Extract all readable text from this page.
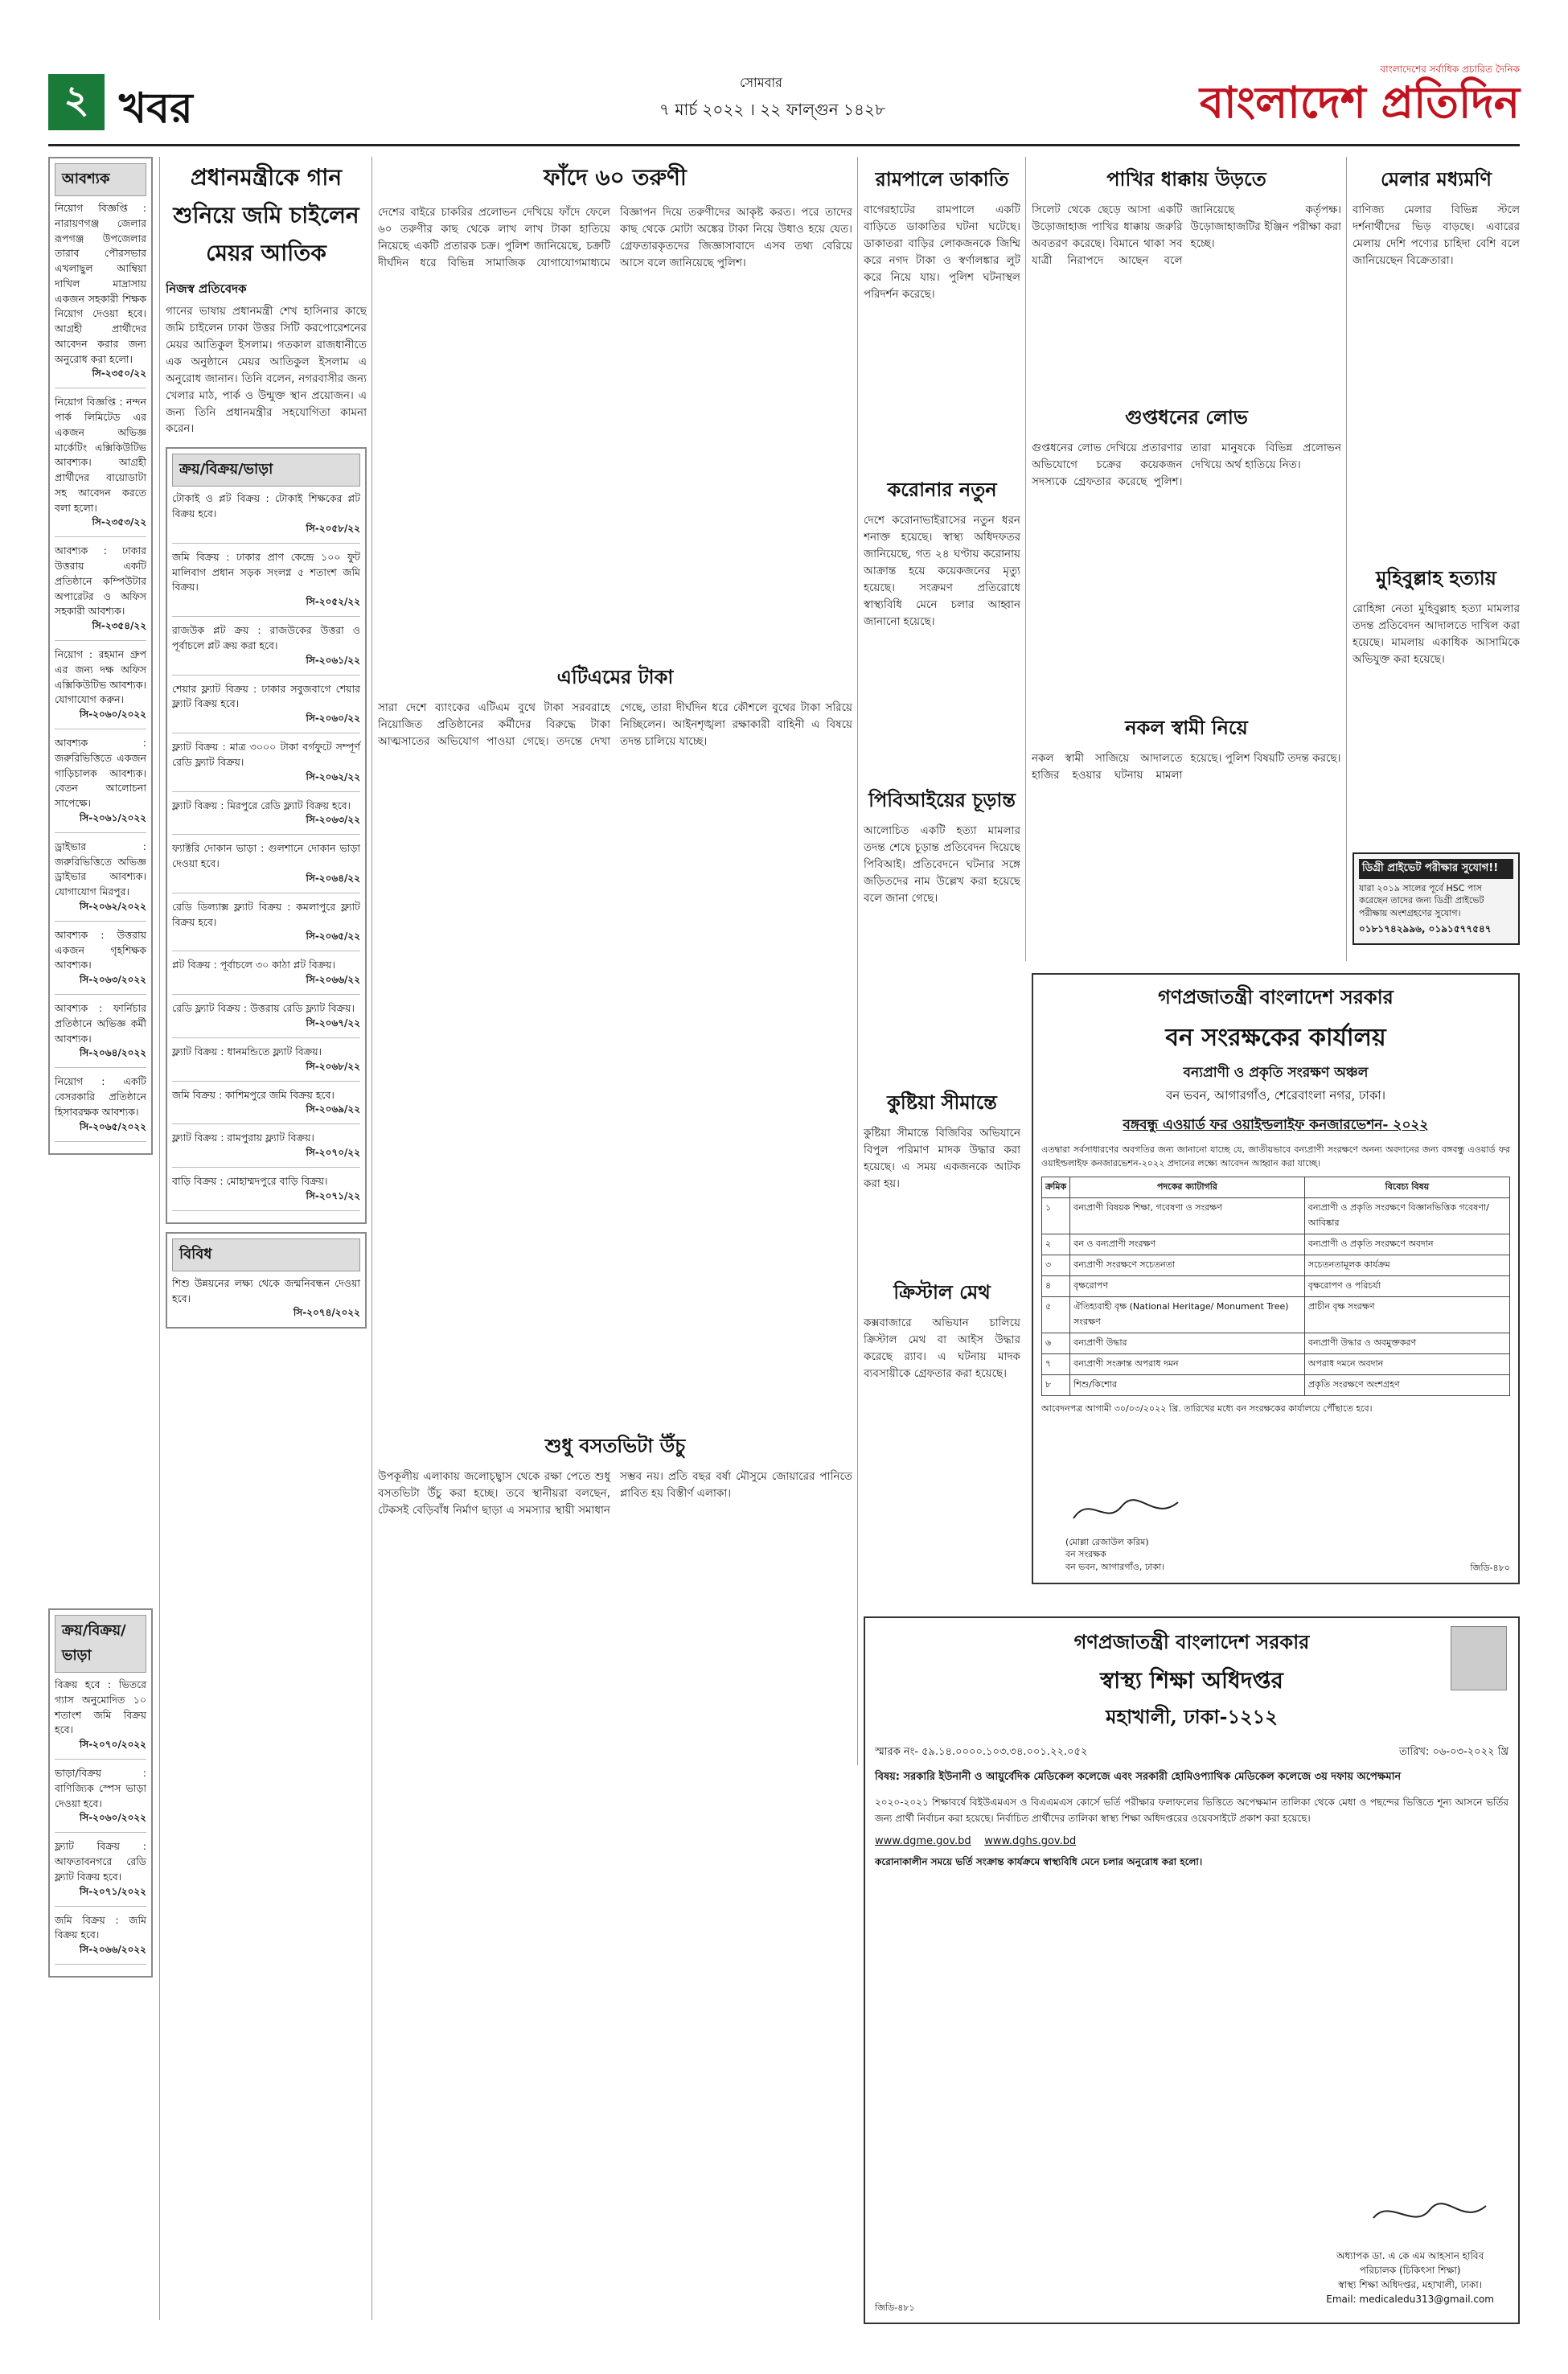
২ খবর
সোমবার
৭ মার্চ ২০২২ । ২২ ফাল্গুন ১৪২৮
বাংলাদেশের সর্বাধিক প্রচারিত দৈনিক
বাংলাদেশ প্রতিদিন
আবশ্যক
নিয়োগ বিজ্ঞপ্তি : নারায়ণগঞ্জ জেলার রূপগঞ্জ উপজেলার তারাব পৌরসভার এখলাছুল আম্বিয়া দাখিল মাদ্রাসায় একজন সহকারী শিক্ষক নিয়োগ দেওয়া হবে। আগ্রহী প্রার্থীদের আবেদন করার জন্য অনুরোধ করা হলো।
সি-২৩৫০/২২
নিয়োগ বিজ্ঞপ্তি : নন্দন পার্ক লিমিটেড এর একজন অভিজ্ঞ মার্কেটিং এক্সিকিউটিভ আবশ্যক। আগ্রহী প্রার্থীদের বায়োডাটা সহ আবেদন করতে বলা হলো।
সি-২৩৫৩/২২
আবশ্যক : ঢাকার উত্তরায় একটি প্রতিষ্ঠানে কম্পিউটার অপারেটর ও অফিস সহকারী আবশ্যক।
সি-২৩৫৪/২২
নিয়োগ : রহমান গ্রুপ এর জন্য দক্ষ অফিস এক্সিকিউটিভ আবশ্যক। যোগাযোগ করুন।
সি-২০৬০/২০২২
আবশ্যক : জরুরিভিত্তিতে একজন গাড়িচালক আবশ্যক। বেতন আলোচনা সাপেক্ষে।
সি-২০৬১/২০২২
ড্রাইভার : জরুরিভিত্তিতে অভিজ্ঞ ড্রাইভার আবশ্যক। যোগাযোগ মিরপুর।
সি-২০৬২/২০২২
আবশ্যক : উত্তরায় একজন গৃহশিক্ষক আবশ্যক।
সি-২০৬৩/২০২২
আবশ্যক : ফার্নিচার প্রতিষ্ঠানে অভিজ্ঞ কর্মী আবশ্যক।
সি-২০৬৪/২০২২
নিয়োগ : একটি বেসরকারি প্রতিষ্ঠানে হিসাবরক্ষক আবশ্যক।
সি-২০৬৫/২০২২
ক্রয়/বিক্রয়/ভাড়া
বিক্রয় হবে : ভিতরে গ্যাস অনুমোদিত ১০ শতাংশ জমি বিক্রয় হবে।
সি-২০৭০/২০২২
ভাড়া/বিক্রয় : বাণিজ্যিক স্পেস ভাড়া দেওয়া হবে।
সি-২০৬০/২০২২
ফ্ল্যাট বিক্রয় : আফতাবনগরে রেডি ফ্ল্যাট বিক্রয় হবে।
সি-২০৭১/২০২২
জমি বিক্রয় : জমি বিক্রয় হবে।
সি-২০৬৬/২০২২
প্রধানমন্ত্রীকে গান শুনিয়ে জমি চাইলেন মেয়র আতিক
নিজস্ব প্রতিবেদক
গানের ভাষায় প্রধানমন্ত্রী শেখ হাসিনার কাছে জমি চাইলেন ঢাকা উত্তর সিটি করপোরেশনের মেয়র আতিকুল ইসলাম। গতকাল রাজধানীতে এক অনুষ্ঠানে মেয়র আতিকুল ইসলাম এ অনুরোধ জানান। তিনি বলেন, নগরবাসীর জন্য খেলার মাঠ, পার্ক ও উন্মুক্ত স্থান প্রয়োজন। এ জন্য তিনি প্রধানমন্ত্রীর সহযোগিতা কামনা করেন।
ক্রয়/বিক্রয়/ভাড়া
টোকাই ও প্লট বিক্রয় : টোকাই শিক্ষকের প্লট বিক্রয় হবে।
সি-২০৫৮/২২
জমি বিক্রয় : ঢাকার প্রাণ কেন্দ্রে ১০০ ফুট মালিবাগ প্রধান সড়ক সংলগ্ন ৫ শতাংশ জমি বিক্রয়।
সি-২০৫২/২২
রাজউক প্লট ক্রয় : রাজউকের উত্তরা ও পূর্বাচলে প্লট ক্রয় করা হবে।
সি-২০৬১/২২
শেয়ার ফ্ল্যাট বিক্রয় : ঢাকার সবুজবাগে শেয়ার ফ্ল্যাট বিক্রয় হবে।
সি-২০৬০/২২
ফ্ল্যাট বিক্রয় : মাত্র ৩০০০ টাকা বর্গফুটে সম্পূর্ণ রেডি ফ্ল্যাট বিক্রয়।
সি-২০৬২/২২
ফ্ল্যাট বিক্রয় : মিরপুরে রেডি ফ্ল্যাট বিক্রয় হবে।
সি-২০৬৩/২২
ফ্যাক্টরি দোকান ভাড়া : গুলশানে দোকান ভাড়া দেওয়া হবে।
সি-২০৬৪/২২
রেডি ডিল্যাক্স ফ্ল্যাট বিক্রয় : কমলাপুরে ফ্ল্যাট বিক্রয় হবে।
সি-২০৬৫/২২
প্লট বিক্রয় : পূর্বাচলে ৩০ কাঠা প্লট বিক্রয়।
সি-২০৬৬/২২
রেডি ফ্ল্যাট বিক্রয় : উত্তরায় রেডি ফ্ল্যাট বিক্রয়।
সি-২০৬৭/২২
ফ্ল্যাট বিক্রয় : ধানমন্ডিতে ফ্ল্যাট বিক্রয়।
সি-২০৬৮/২২
জমি বিক্রয় : কাশিমপুরে জমি বিক্রয় হবে।
সি-২০৬৯/২২
ফ্ল্যাট বিক্রয় : রামপুরায় ফ্ল্যাট বিক্রয়।
সি-২০৭০/২২
বাড়ি বিক্রয় : মোহাম্মদপুরে বাড়ি বিক্রয়।
সি-২০৭১/২২
বিবিধ
শিশু উন্নয়নের লক্ষ্য থেকে জন্মনিবন্ধন দেওয়া হবে।
সি-২০৭৪/২০২২
ফাঁদে ৬০ তরুণী
দেশের বাইরে চাকরির প্রলোভন দেখিয়ে ফাঁদে ফেলে ৬০ তরুণীর কাছ থেকে লাখ লাখ টাকা হাতিয়ে নিয়েছে একটি প্রতারক চক্র। পুলিশ জানিয়েছে, চক্রটি দীর্ঘদিন ধরে বিভিন্ন সামাজিক যোগাযোগমাধ্যমে বিজ্ঞাপন দিয়ে তরুণীদের আকৃষ্ট করত। পরে তাদের কাছ থেকে মোটা অঙ্কের টাকা নিয়ে উধাও হয়ে যেত। গ্রেফতারকৃতদের জিজ্ঞাসাবাদে এসব তথ্য বেরিয়ে আসে বলে জানিয়েছে পুলিশ।
এটিএমের টাকা
সারা দেশে ব্যাংকের এটিএম বুথে টাকা সরবরাহে নিয়োজিত প্রতিষ্ঠানের কর্মীদের বিরুদ্ধে টাকা আত্মসাতের অভিযোগ পাওয়া গেছে। তদন্তে দেখা গেছে, তারা দীর্ঘদিন ধরে কৌশলে বুথের টাকা সরিয়ে নিচ্ছিলেন। আইনশৃঙ্খলা রক্ষাকারী বাহিনী এ বিষয়ে তদন্ত চালিয়ে যাচ্ছে।
শুধু বসতভিটা উঁচু
উপকূলীয় এলাকায় জলোচ্ছ্বাস থেকে রক্ষা পেতে শুধু বসতভিটা উঁচু করা হচ্ছে। তবে স্থানীয়রা বলছেন, টেকসই বেড়িবাঁধ নির্মাণ ছাড়া এ সমস্যার স্থায়ী সমাধান সম্ভব নয়। প্রতি বছর বর্ষা মৌসুমে জোয়ারের পানিতে প্লাবিত হয় বিস্তীর্ণ এলাকা।
রামপালে ডাকাতি
বাগেরহাটের রামপালে একটি বাড়িতে ডাকাতির ঘটনা ঘটেছে। ডাকাতরা বাড়ির লোকজনকে জিম্মি করে নগদ টাকা ও স্বর্ণালঙ্কার লুট করে নিয়ে যায়। পুলিশ ঘটনাস্থল পরিদর্শন করেছে।
করোনার নতুন
দেশে করোনাভাইরাসের নতুন ধরন শনাক্ত হয়েছে। স্বাস্থ্য অধিদফতর জানিয়েছে, গত ২৪ ঘণ্টায় করোনায় আক্রান্ত হয়ে কয়েকজনের মৃত্যু হয়েছে। সংক্রমণ প্রতিরোধে স্বাস্থ্যবিধি মেনে চলার আহ্বান জানানো হয়েছে।
পিবিআইয়ের চূড়ান্ত
আলোচিত একটি হত্যা মামলার তদন্ত শেষে চূড়ান্ত প্রতিবেদন দিয়েছে পিবিআই। প্রতিবেদনে ঘটনার সঙ্গে জড়িতদের নাম উল্লেখ করা হয়েছে বলে জানা গেছে।
কুষ্টিয়া সীমান্তে
কুষ্টিয়া সীমান্তে বিজিবির অভিযানে বিপুল পরিমাণ মাদক উদ্ধার করা হয়েছে। এ সময় একজনকে আটক করা হয়।
ক্রিস্টাল মেথ
কক্সবাজারে অভিযান চালিয়ে ক্রিস্টাল মেথ বা আইস উদ্ধার করেছে র‌্যাব। এ ঘটনায় মাদক ব্যবসায়ীকে গ্রেফতার করা হয়েছে।
পাখির ধাক্কায় উড়তে
সিলেট থেকে ছেড়ে আসা একটি উড়োজাহাজ পাখির ধাক্কায় জরুরি অবতরণ করেছে। বিমানে থাকা সব যাত্রী নিরাপদে আছেন বলে জানিয়েছে কর্তৃপক্ষ। উড়োজাহাজটির ইঞ্জিন পরীক্ষা করা হচ্ছে।
গুপ্তধনের লোভ
গুপ্তধনের লোভ দেখিয়ে প্রতারণার অভিযোগে চক্রের কয়েকজন সদস্যকে গ্রেফতার করেছে পুলিশ। তারা মানুষকে বিভিন্ন প্রলোভন দেখিয়ে অর্থ হাতিয়ে নিত।
নকল স্বামী নিয়ে
নকল স্বামী সাজিয়ে আদালতে হাজির হওয়ার ঘটনায় মামলা হয়েছে। পুলিশ বিষয়টি তদন্ত করছে।
মেলার মধ্যমণি
বাণিজ্য মেলার বিভিন্ন স্টলে দর্শনার্থীদের ভিড় বাড়ছে। এবারের মেলায় দেশি পণ্যের চাহিদা বেশি বলে জানিয়েছেন বিক্রেতারা।
মুহিবুল্লাহ হত্যায়
রোহিঙ্গা নেতা মুহিবুল্লাহ হত্যা মামলার তদন্ত প্রতিবেদন আদালতে দাখিল করা হয়েছে। মামলায় একাধিক আসামিকে অভিযুক্ত করা হয়েছে।
ডিগ্রী প্রাইভেট পরীক্ষার সুযোগ!!
যারা ২০১৯ সালের পূর্বে HSC পাস করেছেন তাদের জন্য ডিগ্রী প্রাইভেট পরীক্ষায় অংশগ্রহণের সুযোগ।
০১৮১৭৪২৯৯৬, ০১৯১৫৭৭৫৪৭
গণপ্রজাতন্ত্রী বাংলাদেশ সরকার
বন সংরক্ষকের কার্যালয়
বন্যপ্রাণী ও প্রকৃতি সংরক্ষণ অঞ্চল
বন ভবন, আগারগাঁও, শেরেবাংলা নগর, ঢাকা।
বঙ্গবন্ধু এওয়ার্ড ফর ওয়াইল্ডলাইফ কনজারভেশন- ২০২২
এতদ্বারা সর্বসাধারণের অবগতির জন্য জানানো যাচ্ছে যে, জাতীয়ভাবে বন্যপ্রাণী সংরক্ষণে অনন্য অবদানের জন্য বঙ্গবন্ধু এওয়ার্ড ফর ওয়াইল্ডলাইফ কনজারভেশন-২০২২ প্রদানের লক্ষ্যে আবেদন আহ্বান করা যাচ্ছে।
ক্রমিক	পদকের ক্যাটাগরি	বিবেচ্য বিষয়
১	বন্যপ্রাণী বিষয়ক শিক্ষা, গবেষণা ও সংরক্ষণ	বন্যপ্রাণী ও প্রকৃতি সংরক্ষণে বিজ্ঞানভিত্তিক গবেষণা/আবিষ্কার
২	বন ও বন্যপ্রাণী সংরক্ষণ	বন্যপ্রাণী ও প্রকৃতি সংরক্ষণে অবদান
৩	বন্যপ্রাণী সংরক্ষণে সচেতনতা	সচেতনতামূলক কার্যক্রম
৪	বৃক্ষরোপণ	বৃক্ষরোপণ ও পরিচর্যা
৫	ঐতিহ্যবাহী বৃক্ষ (National Heritage/ Monument Tree) সংরক্ষণ	প্রাচীন বৃক্ষ সংরক্ষণ
৬	বন্যপ্রাণী উদ্ধার	বন্যপ্রাণী উদ্ধার ও অবমুক্তকরণ
৭	বন্যপ্রাণী সংক্রান্ত অপরাধ দমন	অপরাধ দমনে অবদান
৮	শিশু/কিশোর	প্রকৃতি সংরক্ষণে অংশগ্রহণ
আবেদনপত্র আগামী ৩০/০৩/২০২২ খ্রি. তারিখের মধ্যে বন সংরক্ষকের কার্যালয়ে পৌঁছাতে হবে।
(মোল্লা রেজাউল করিম)
বন সংরক্ষক
বন ভবন, আগারগাঁও, ঢাকা।	জিডি-৪৮০
গণপ্রজাতন্ত্রী বাংলাদেশ সরকার
স্বাস্থ্য শিক্ষা অধিদপ্তর
মহাখালী, ঢাকা-১২১২
স্মারক নং- ৫৯.১৪.০০০০.১০৩.৩৪.০০১.২২.০৫২	তারিখ: ০৬-০৩-২০২২ খ্রি
বিষয়: সরকারি ইউনানী ও আয়ুর্বেদিক মেডিকেল কলেজে এবং সরকারী হোমিওপ্যাথিক মেডিকেল কলেজে ৩য় দফায় অপেক্ষমান
২০২০-২০২১ শিক্ষাবর্ষে বিইউএমএস ও বিএএমএস কোর্সে ভর্তি পরীক্ষার ফলাফলের ভিত্তিতে অপেক্ষমান তালিকা থেকে মেধা ও পছন্দের ভিত্তিতে শূন্য আসনে ভর্তির জন্য প্রার্থী নির্বাচন করা হয়েছে। নির্বাচিত প্রার্থীদের তালিকা স্বাস্থ্য শিক্ষা অধিদপ্তরের ওয়েবসাইটে প্রকাশ করা হয়েছে।
www.dgme.gov.bd www.dghs.gov.bd
করোনাকালীন সময়ে ভর্তি সংক্রান্ত কার্যক্রমে স্বাস্থ্যবিধি মেনে চলার অনুরোধ করা হলো।
অধ্যাপক ডা. এ কে এম আহসান হাবিব
পরিচালক (চিকিৎসা শিক্ষা)
স্বাস্থ্য শিক্ষা অধিদপ্তর, মহাখালী, ঢাকা।
Email: medicaledu313@gmail.com
জিডি-৪৮১
